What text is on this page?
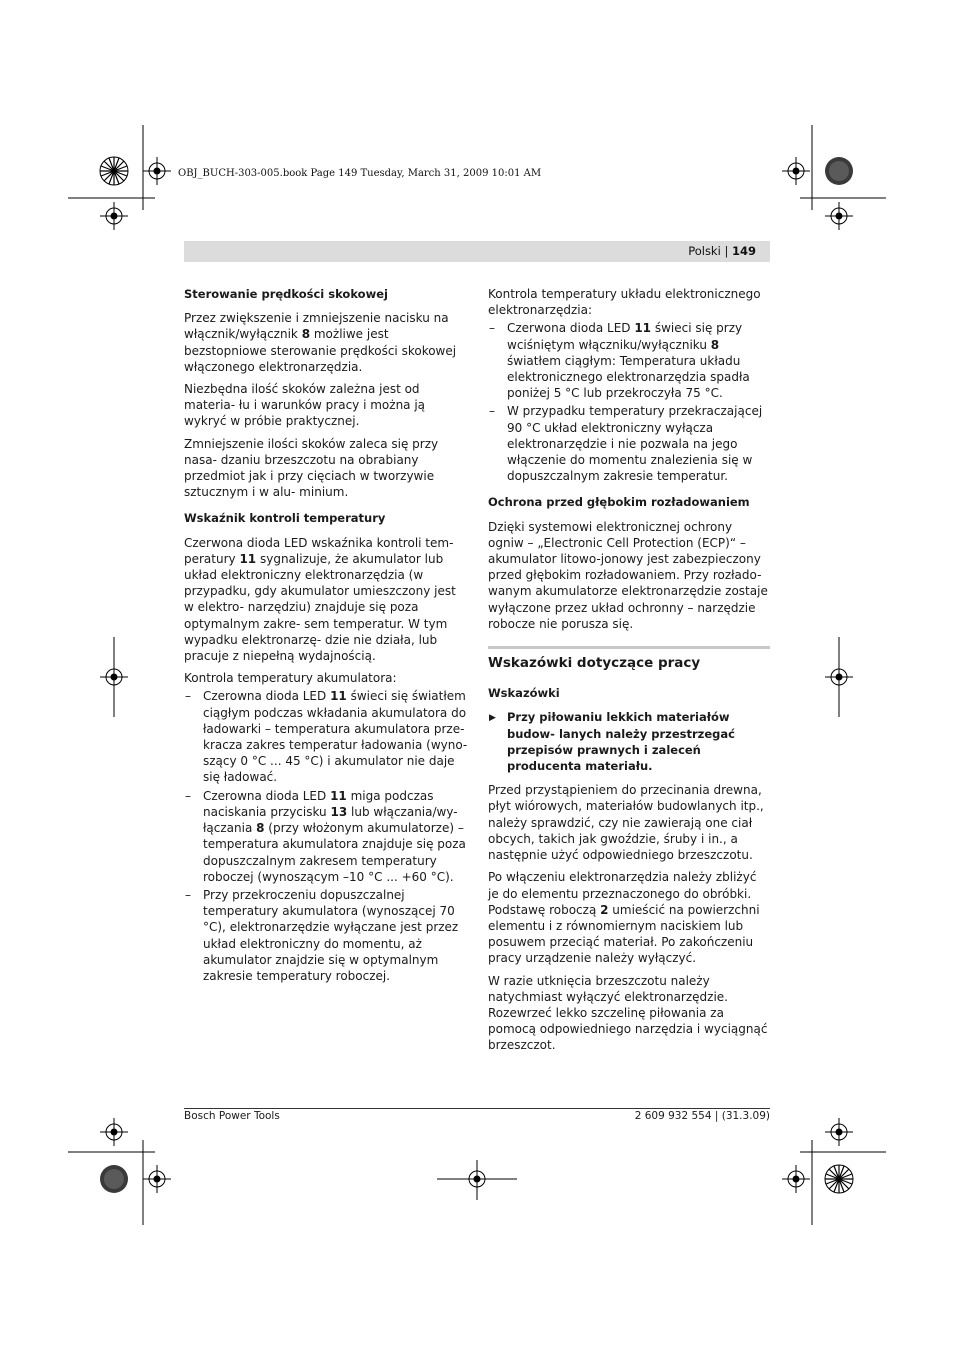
OBJ_BUCH-303-005.book Page 149 Tuesday, March 31, 2009 10:01 AM
Polski | 149
Sterowanie prędkości skokowej

Przez zwiększenie i zmniejszenie nacisku na włącznik/wyłącznik 8 możliwe jest bezstopniowe sterowanie prędkości skokowej włączonego elektronarzędzia.

Niezbędna ilość skoków zależna jest od materia- łu i warunków pracy i można ją wykryć w próbie praktycznej.

Zmniejszenie ilości skoków zaleca się przy nasa- dzaniu brzeszczotu na obrabiany przedmiot jak i przy cięciach w tworzywie sztucznym i w alu- minium.

Wskaźnik kontroli temperatury

Czerwona dioda LED wskaźnika kontroli tem- peratury 11 sygnalizuje, że akumulator lub układ elektroniczny elektronarzędzia (w przypadku, gdy akumulator umieszczony jest w elektro- narzędziu) znajduje się poza optymalnym zakre- sem temperatur. W tym wypadku elektronarzę- dzie nie działa, lub pracuje z niepełną wydajnością.

Kontrola temperatury akumulatora:

– Czerowna dioda LED 11 świeci się światłem ciągłym podczas wkładania akumulatora do ładowarki – temperatura akumulatora prze- kracza zakres temperatur ładowania (wyno- szący 0 °C ... 45 °C) i akumulator nie daje się ładować.
– Czerowna dioda LED 11 miga podczas naciskania przycisku 13 lub włączania/wy- łączania 8 (przy włożonym akumulatorze) – temperatura akumulatora znajduje się poza dopuszczalnym zakresem temperatury roboczej (wynoszącym –10 °C ... +60 °C).
– Przy przekroczeniu dopuszczalnej temperatury akumulatora (wynoszącej 70 °C), elektronarzędzie wyłączane jest przez układ elektroniczny do momentu, aż akumulator znajdzie się w optymalnym zakresie temperatury roboczej.

Kontrola temperatury układu elektronicznego elektronarzędzia:

– Czerwona dioda LED 11 świeci się przy wciśniętym włączniku/wyłączniku 8 światłem ciągłym: Temperatura układu elektronicznego elektronarzędzia spadła poniżej 5 °C lub przekroczyła 75 °C.
– W przypadku temperatury przekraczającej 90 °C układ elektroniczny wyłącza elektronarzędzie i nie pozwala na jego włączenie do momentu znalezienia się w dopuszczalnym zakresie temperatur.
Ochrona przed głębokim rozładowaniem

Dzięki systemowi elektronicznej ochrony ogniw – „Electronic Cell Protection (ECP)“ – akumulator litowo-jonowy jest zabezpieczony przed głębokim rozładowaniem. Przy rozłado- wanym akumulatorze elektronarzędzie zostaje wyłączone przez układ ochronny – narzędzie robocze nie porusza się.

Wskazówki dotyczące pracy
Wskazówki
▶ Przy piłowaniu lekkich materiałów budow- lanych należy przestrzegać przepisów prawnych i zaleceń producenta materiału.

Przed przystąpieniem do przecinania drewna, płyt wiórowych, materiałów budowlanych itp., należy sprawdzić, czy nie zawierają one ciał obcych, takich jak gwoździe, śruby i in., a następnie użyć odpowiedniego brzeszczotu.

Po włączeniu elektronarzędzia należy zbliżyć je do elementu przeznaczonego do obróbki. Podstawę roboczą 2 umieścić na powierzchni elementu i z równomiernym naciskiem lub posuwem przeciąć materiał. Po zakończeniu pracy urządzenie należy wyłączyć.

W razie utknięcia brzeszczotu należy natychmiast wyłączyć elektronarzędzie. Rozewrzeć lekko szczelinę piłowania za pomocą odpowiedniego narzędzia i wyciągnąć brzeszczot.

Bosch Power Tools	2 609 932 554 | (31.3.09)
